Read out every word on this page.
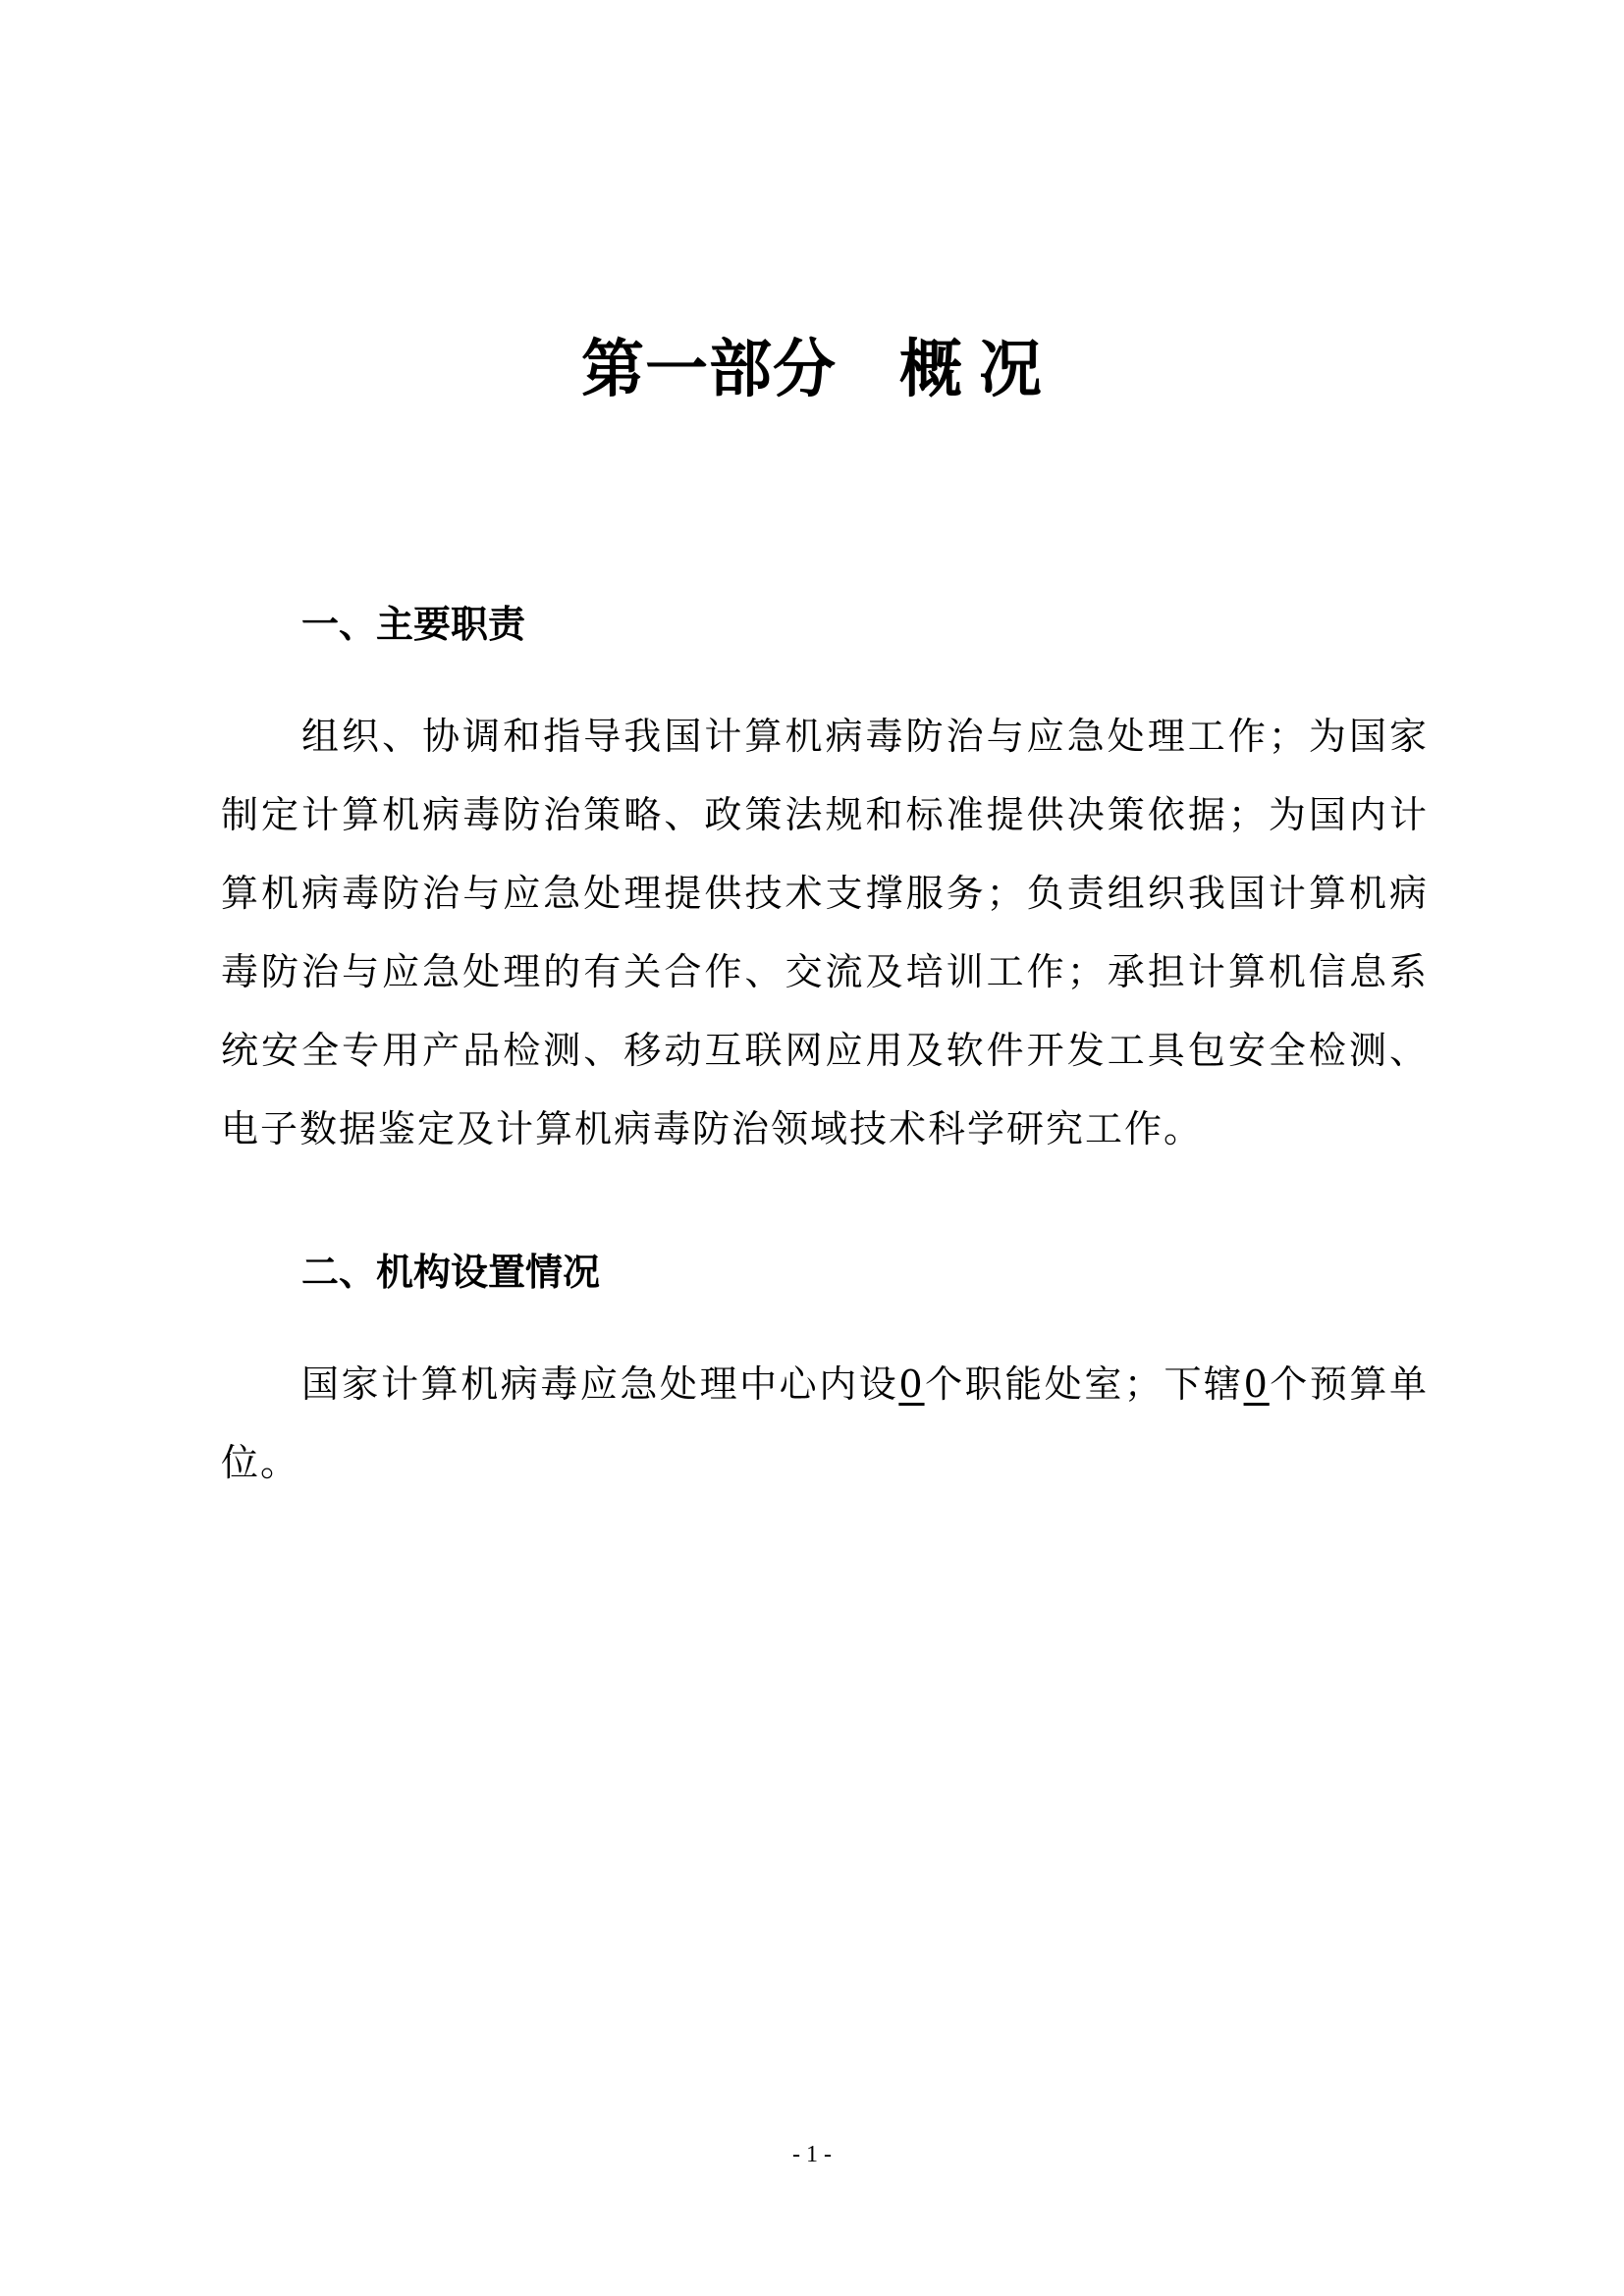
第一部分 概 况
一、主要职责

组织、协调和指导我国计算机病毒防治与应急处理工作；为国家制定计算机病毒防治策略、政策法规和标准提供决策依据；为国内计算机病毒防治与应急处理提供技术支撑服务；负责组织我国计算机病毒防治与应急处理的有关合作、交流及培训工作；承担计算机信息系统安全专用产品检测、移动互联网应用及软件开发工具包安全检测、电子数据鉴定及计算机病毒防治领域技术科学研究工作。

二、机构设置情况

国家计算机病毒应急处理中心内设0个职能处室；下辖0个预算单位。

- 1 -
